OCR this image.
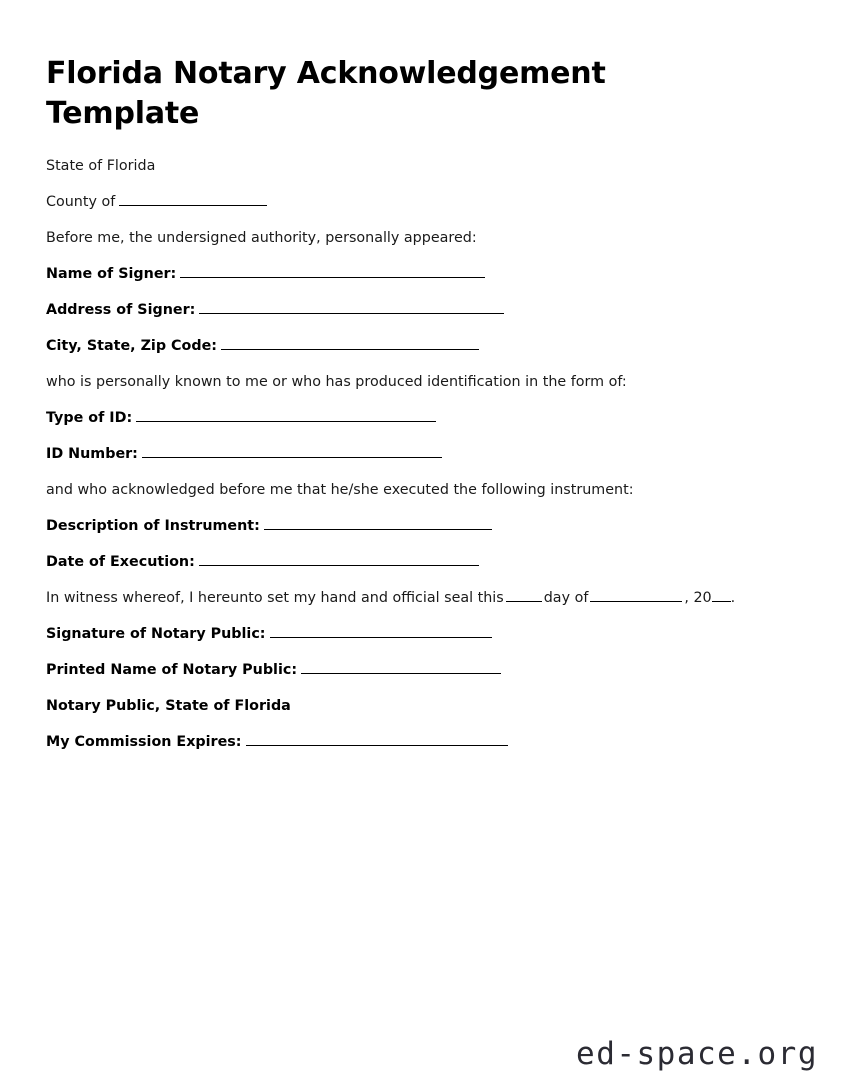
Florida Notary Acknowledgement Template
State of Florida
County of
Before me, the undersigned authority, personally appeared:
Name of Signer:
Address of Signer:
City, State, Zip Code:
who is personally known to me or who has produced identification in the form of:
Type of ID:
ID Number:
and who acknowledged before me that he/she executed the following instrument:
Description of Instrument:
Date of Execution:
In witness whereof, I hereunto set my hand and official seal this	day of	, 20 .
Signature of Notary Public:
Printed Name of Notary Public:
Notary Public, State of Florida
My Commission Expires:
ed-space.org
